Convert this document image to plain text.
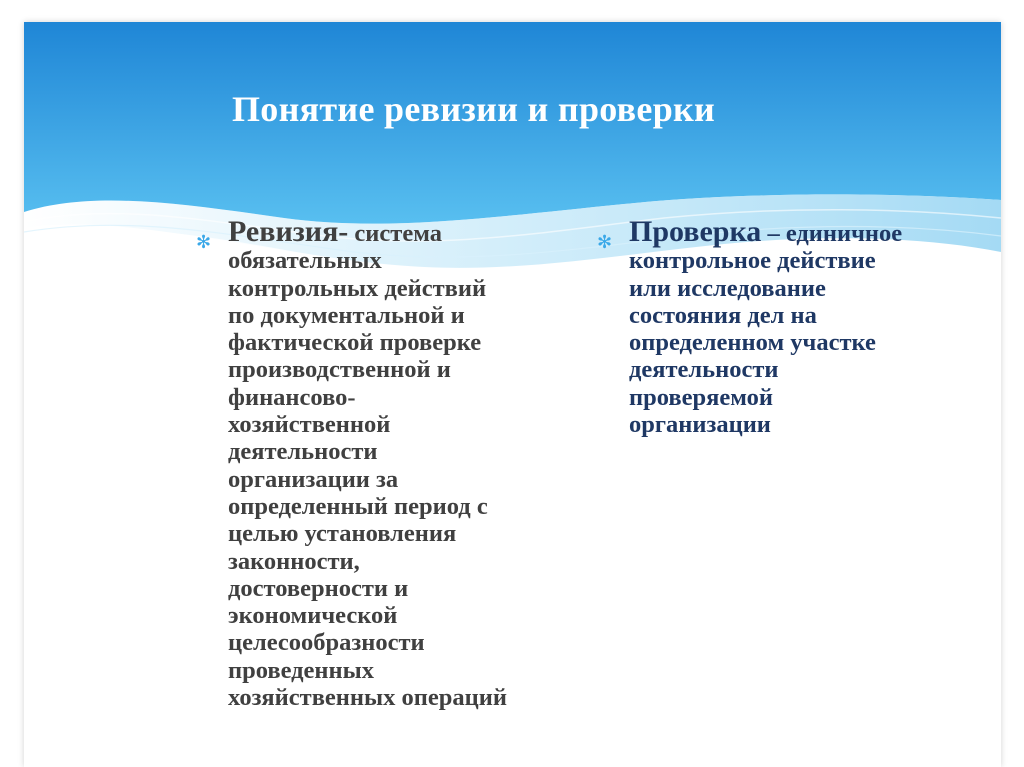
Понятие ревизии и проверки
✻ Ревизия- система
обязательных
контрольных действий
по документальной и
фактической проверке
производственной и
финансово-
хозяйственной
деятельности
организации за
определенный период с
целью установления
законности,
достоверности и
экономической
целесообразности
проведенных
хозяйственных операций
✻ Проверка – единичное
контрольное действие
или исследование
состояния дел на
определенном участке
деятельности
проверяемой
организации
